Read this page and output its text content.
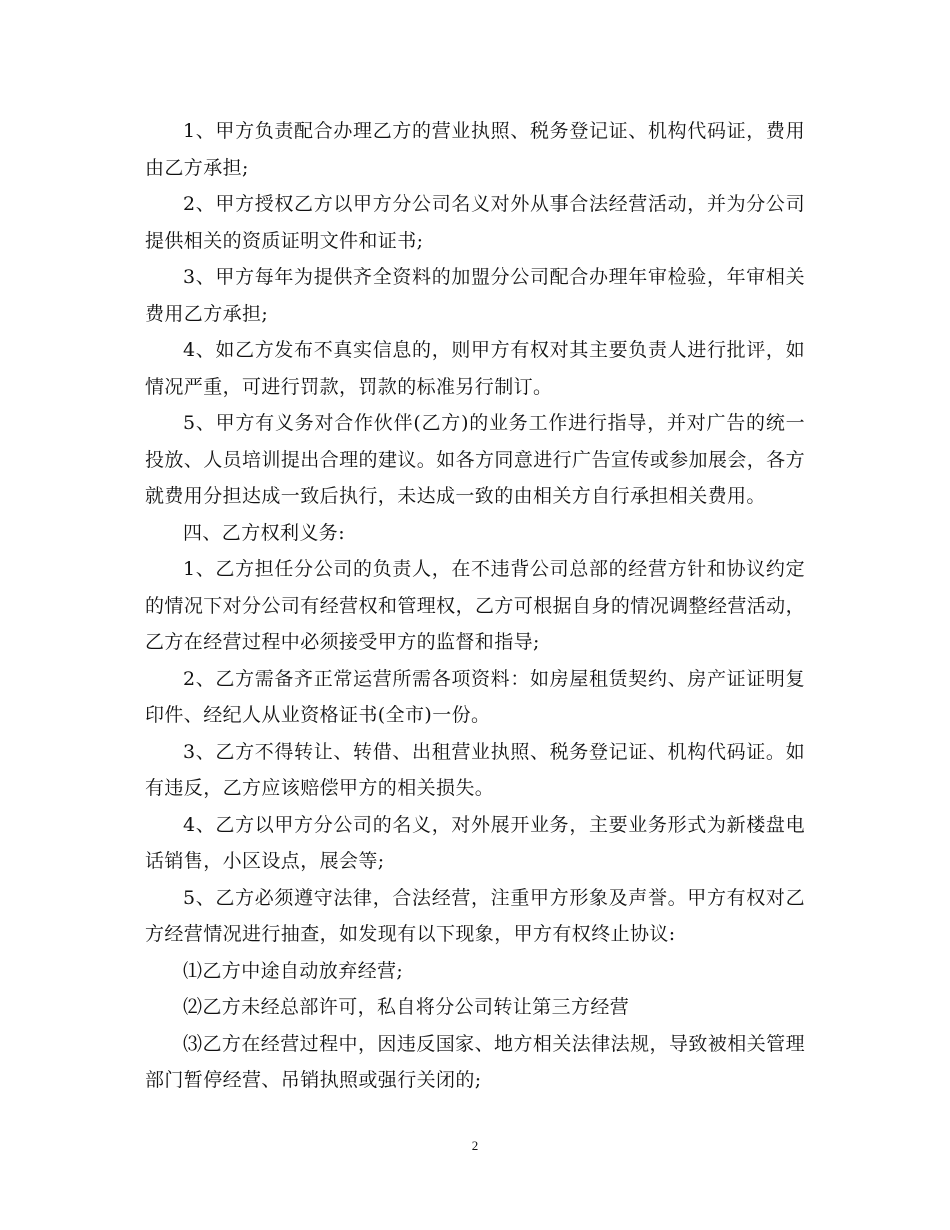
1、甲方负责配合办理乙方的营业执照、税务登记证、机构代码证，费用由乙方承担;

2、甲方授权乙方以甲方分公司名义对外从事合法经营活动，并为分公司提供相关的资质证明文件和证书;

3、甲方每年为提供齐全资料的加盟分公司配合办理年审检验，年审相关费用乙方承担;

4、如乙方发布不真实信息的，则甲方有权对其主要负责人进行批评，如情况严重，可进行罚款，罚款的标准另行制订。

5、甲方有义务对合作伙伴(乙方)的业务工作进行指导，并对广告的统一投放、人员培训提出合理的建议。如各方同意进行广告宣传或参加展会，各方就费用分担达成一致后执行，未达成一致的由相关方自行承担相关费用。

四、乙方权利义务:

1、乙方担任分公司的负责人，在不违背公司总部的经营方针和协议约定的情况下对分公司有经营权和管理权，乙方可根据自身的情况调整经营活动，乙方在经营过程中必须接受甲方的监督和指导;

2、乙方需备齐正常运营所需各项资料：如房屋租赁契约、房产证证明复印件、经纪人从业资格证书(全市)一份。

3、乙方不得转让、转借、出租营业执照、税务登记证、机构代码证。如有违反，乙方应该赔偿甲方的相关损失。

4、乙方以甲方分公司的名义，对外展开业务，主要业务形式为新楼盘电话销售，小区设点，展会等;

5、乙方必须遵守法律，合法经营，注重甲方形象及声誉。甲方有权对乙方经营情况进行抽查，如发现有以下现象，甲方有权终止协议:

⑴乙方中途自动放弃经营;

⑵乙方未经总部许可，私自将分公司转让第三方经营

⑶乙方在经营过程中，因违反国家、地方相关法律法规，导致被相关管理部门暂停经营、吊销执照或强行关闭的;

2
